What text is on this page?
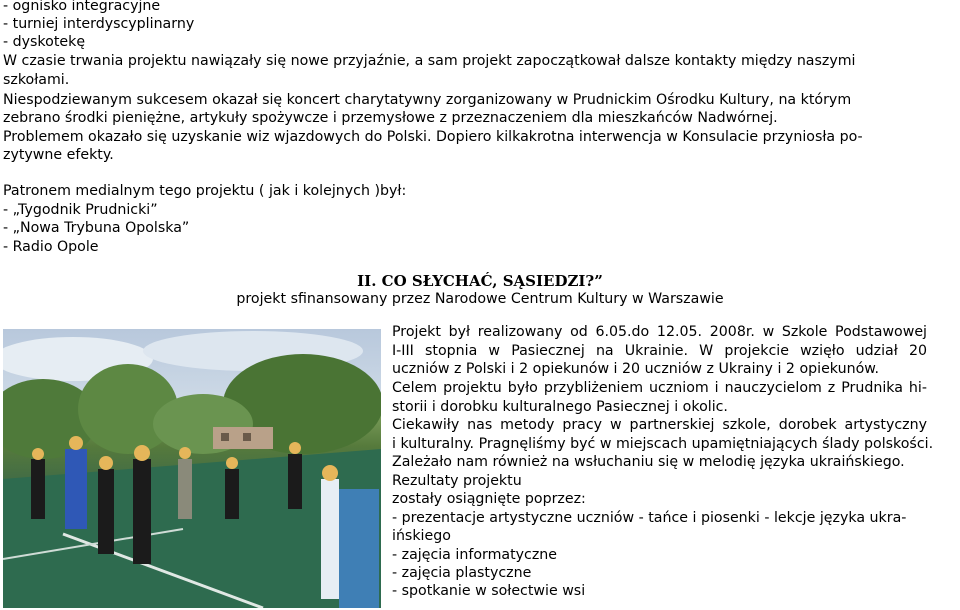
- ognisko integracyjne
- turniej interdyscyplinarny
- dyskotekę
W czasie trwania projektu nawiązały się nowe przyjaźnie, a sam projekt zapoczątkował dalsze kontakty między naszymi
szkołami.
Niespodziewanym sukcesem okazał się koncert charytatywny zorganizowany w Prudnickim Ośrodku Kultury, na którym
zebrano środki pieniężne, artykuły spożywcze i przemysłowe z przeznaczeniem dla mieszkańców Nadwórnej.
Problemem okazało się uzyskanie wiz wjazdowych do Polski. Dopiero kilkakrotna interwencja w Konsulacie przyniosła po-
zytywne efekty.
Patronem medialnym tego projektu ( jak i kolejnych )był:
- „Tygodnik Prudnicki”
- „Nowa Trybuna Opolska”
- Radio Opole
II. CO SŁYCHAĆ, SĄSIEDZI?”
projekt sfinansowany przez Narodowe Centrum Kultury w Warszawie
Projekt był realizowany od 6.05.do 12.05. 2008r. w Szkole Podstawowej
I-III stopnia w Pasiecznej na Ukrainie. W projekcie wzięło udział 20
uczniów z Polski i 2 opiekunów i 20 uczniów z Ukrainy i 2 opiekunów.
Celem projektu było przybliżeniem uczniom i nauczycielom z Prudnika hi-
storii i dorobku kulturalnego Pasiecznej i okolic.
Ciekawiły nas metody pracy w partnerskiej szkole, dorobek artystyczny
i kulturalny. Pragnęliśmy być w miejscach upamiętniających ślady polskości.
Zależało nam również na wsłuchaniu się w melodię języka ukraińskiego.
Rezultaty projektu
zostały osiągnięte poprzez:
- prezentacje artystyczne uczniów - tańce i piosenki - lekcje języka ukra-
ińskiego
- zajęcia informatyczne
- zajęcia plastyczne
- spotkanie w sołectwie wsi
